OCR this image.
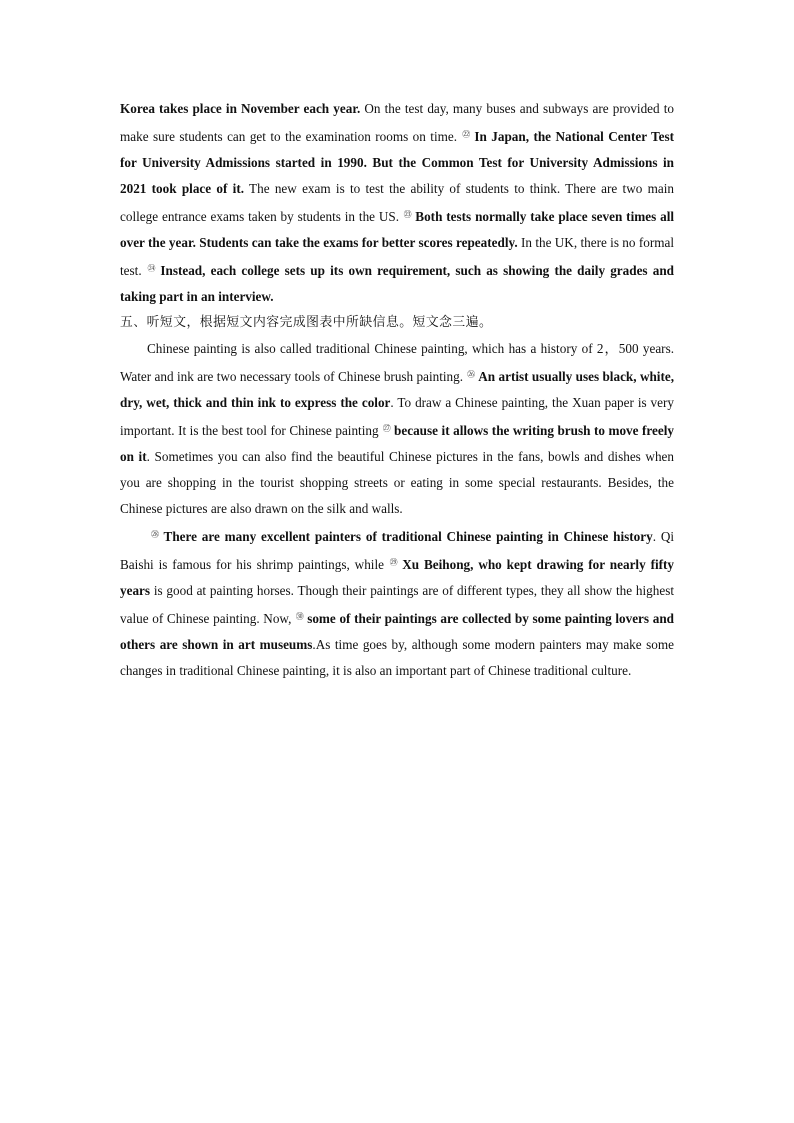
Korea takes place in November each year. On the test day, many buses and subways are provided to make sure students can get to the examination rooms on time. $^㉒$ In Japan, the National Center Test for University Admissions started in 1990. But the Common Test for University Admissions in 2021 took place of it. The new exam is to test the ability of students to think. There are two main college entrance exams taken by students in the US. $^㉓$ Both tests normally take place seven times all over the year. Students can take the exams for better scores repeatedly. In the UK, there is no formal test. $^㉔$ Instead, each college sets up its own requirement, such as showing the daily grades and taking part in an interview.

五、听短文，根据短文内容完成图表中所缺信息。短文念三遍。

Chinese painting is also called traditional Chinese painting, which has a history of 2，500 years. Water and ink are two necessary tools of Chinese brush painting. $^㉖$ An artist usually uses black, white, dry, wet, thick and thin ink to express the color. To draw a Chinese painting, the Xuan paper is very important. It is the best tool for Chinese painting $^㉗$ because it allows the writing brush to move freely on it. Sometimes you can also find the beautiful Chinese pictures in the fans, bowls and dishes when you are shopping in the tourist shopping streets or eating in some special restaurants. Besides, the Chinese pictures are also drawn on the silk and walls.

$^㉘$ There are many excellent painters of traditional Chinese painting in Chinese history. Qi Baishi is famous for his shrimp paintings, while $^㉙$ Xu Beihong, who kept drawing for nearly fifty years is good at painting horses. Though their paintings are of different types, they all show the highest value of Chinese painting. Now, $^㉚$ some of their paintings are collected by some painting lovers and others are shown in art museums.As time goes by, although some modern painters may make some changes in traditional Chinese painting, it is also an important part of Chinese traditional culture.
